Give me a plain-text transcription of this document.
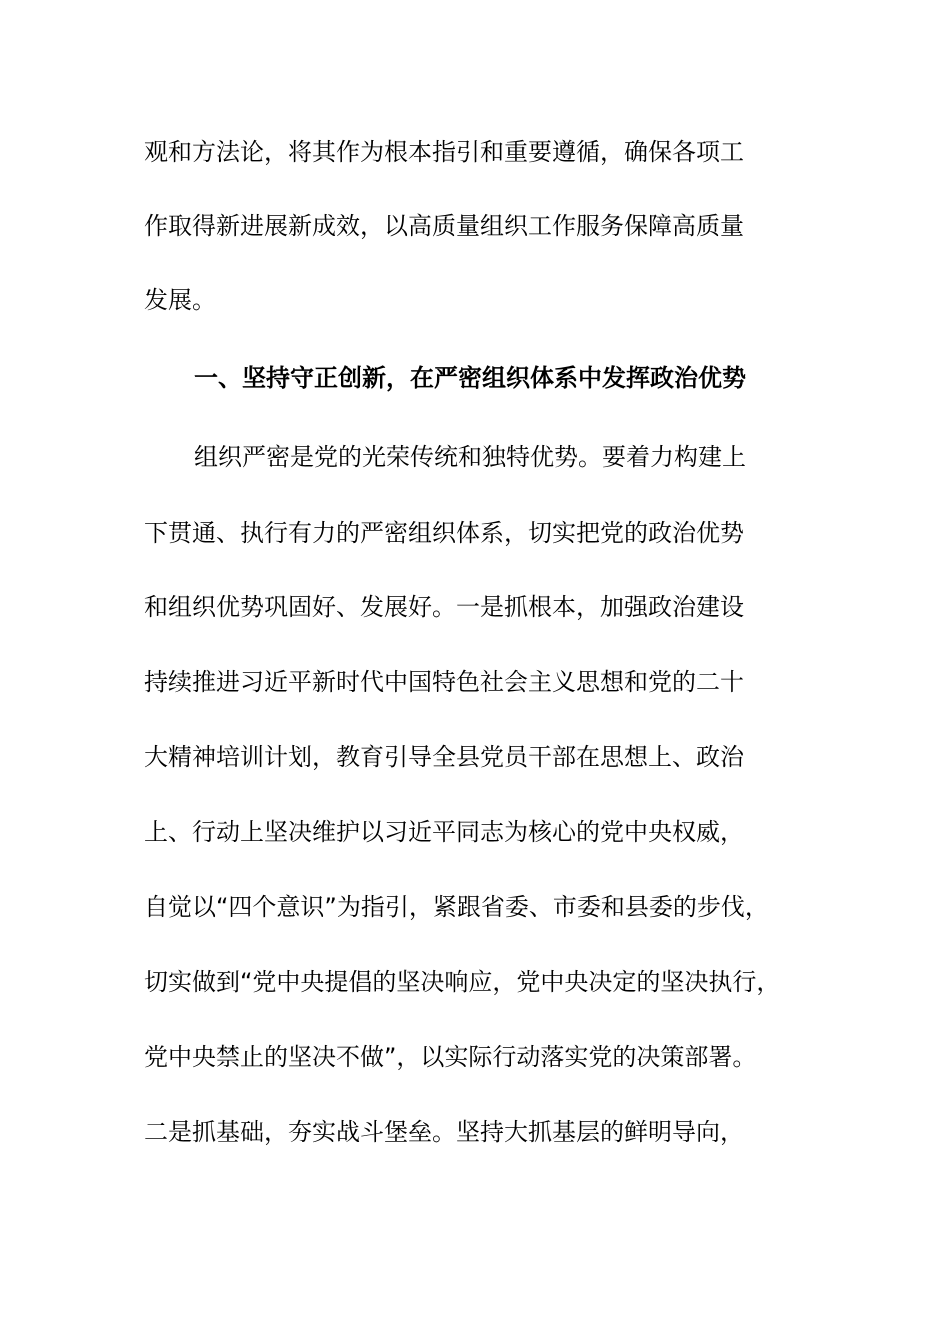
观和方法论，将其作为根本指引和重要遵循，确保各项工
作取得新进展新成效，以高质量组织工作服务保障高质量
发展。
一、坚持守正创新，在严密组织体系中发挥政治优势
组织严密是党的光荣传统和独特优势。要着力构建上
下贯通、执行有力的严密组织体系，切实把党的政治优势
和组织优势巩固好、发展好。一是抓根本，加强政治建设
持续推进习近平新时代中国特色社会主义思想和党的二十
大精神培训计划，教育引导全县党员干部在思想上、政治
上、行动上坚决维护以习近平同志为核心的党中央权威，
自觉以“四个意识”为指引，紧跟省委、市委和县委的步伐，
切实做到“党中央提倡的坚决响应，党中央决定的坚决执行，
党中央禁止的坚决不做”，以实际行动落实党的决策部署。
二是抓基础，夯实战斗堡垒。坚持大抓基层的鲜明导向，
